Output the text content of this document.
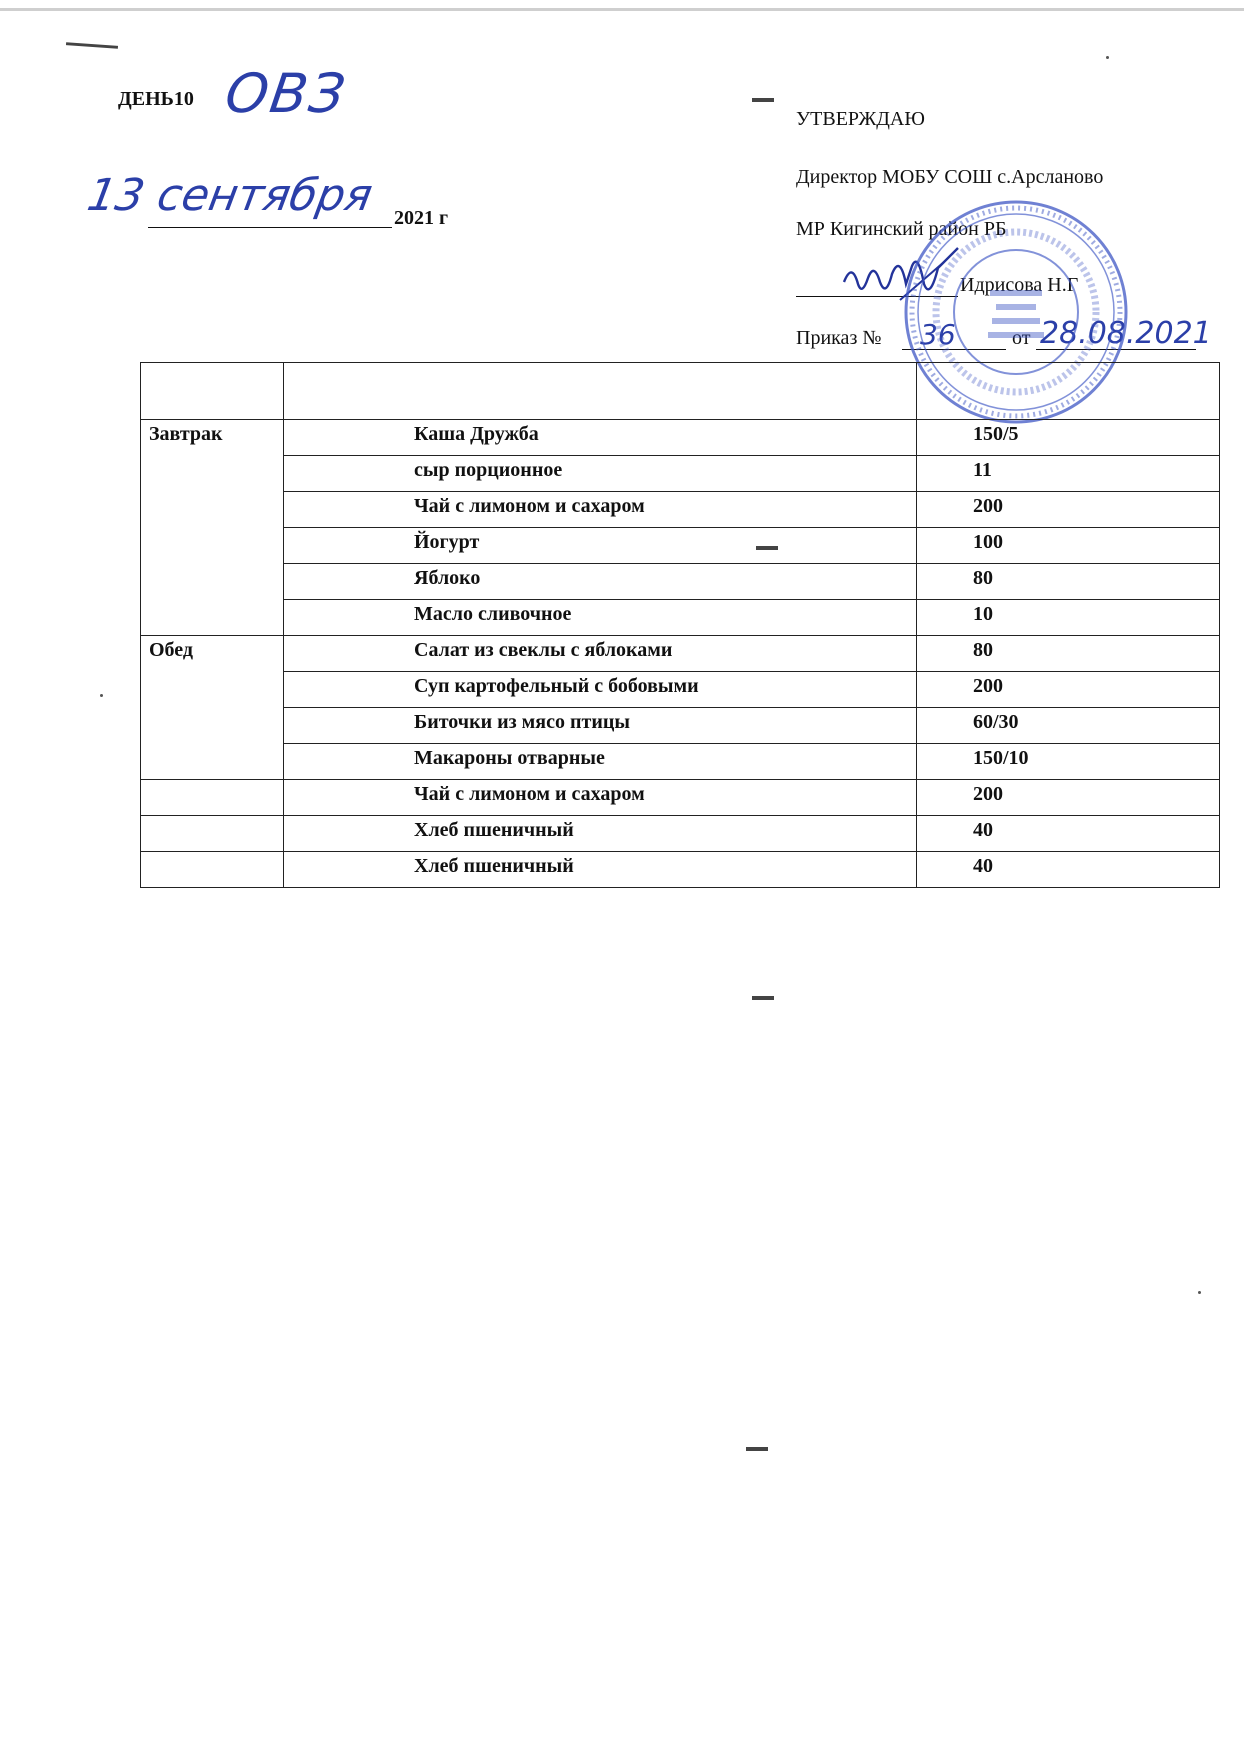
ДЕНЬ10 ОВЗ
13 сентября 2021 г
УТВЕРЖДАЮ
Директор МОБУ СОШ с.Арсланово
МР Кигинский район РБ
Идрисова Н.Г
Приказ № 36	от 28.08.2021

Завтрак	Каша Дружба	150/5
	сыр порционное	11
	Чай с лимоном и сахаром	200
	Йогурт	100
	Яблоко	80
	Масло сливочное	10
Обед	Салат из свеклы с яблоками	80
	Суп картофельный с бобовыми	200
	Биточки из мясо птицы	60/30
	Макароны отварные	150/10
	Чай с лимоном и сахаром	200
	Хлеб пшеничный	40
	Хлеб пшеничный	40
